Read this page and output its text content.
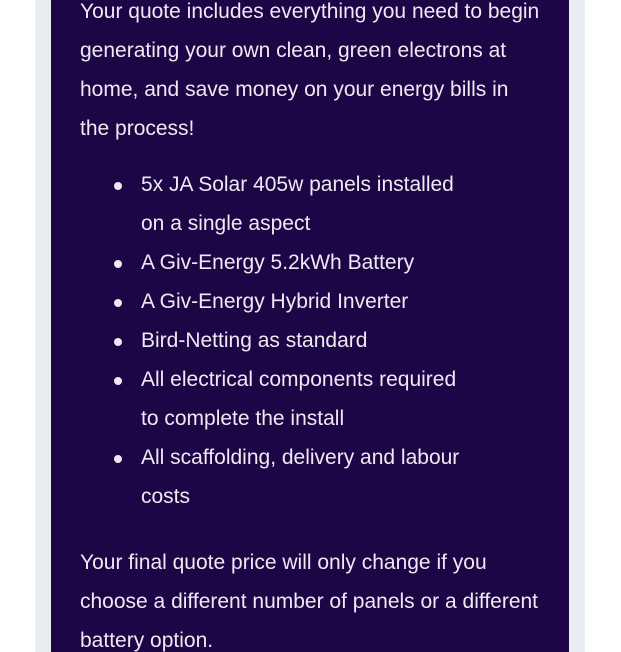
Your quote includes everything you need to begin generating your own clean, green electrons at home, and save money on your energy bills in the process!

5x JA Solar 405w panels installed on a single aspect
A Giv-Energy 5.2kWh Battery
A Giv-Energy Hybrid Inverter
Bird-Netting as standard
All electrical components required to complete the install
All scaffolding, delivery and labour costs

Your final quote price will only change if you choose a different number of panels or a different battery option.
